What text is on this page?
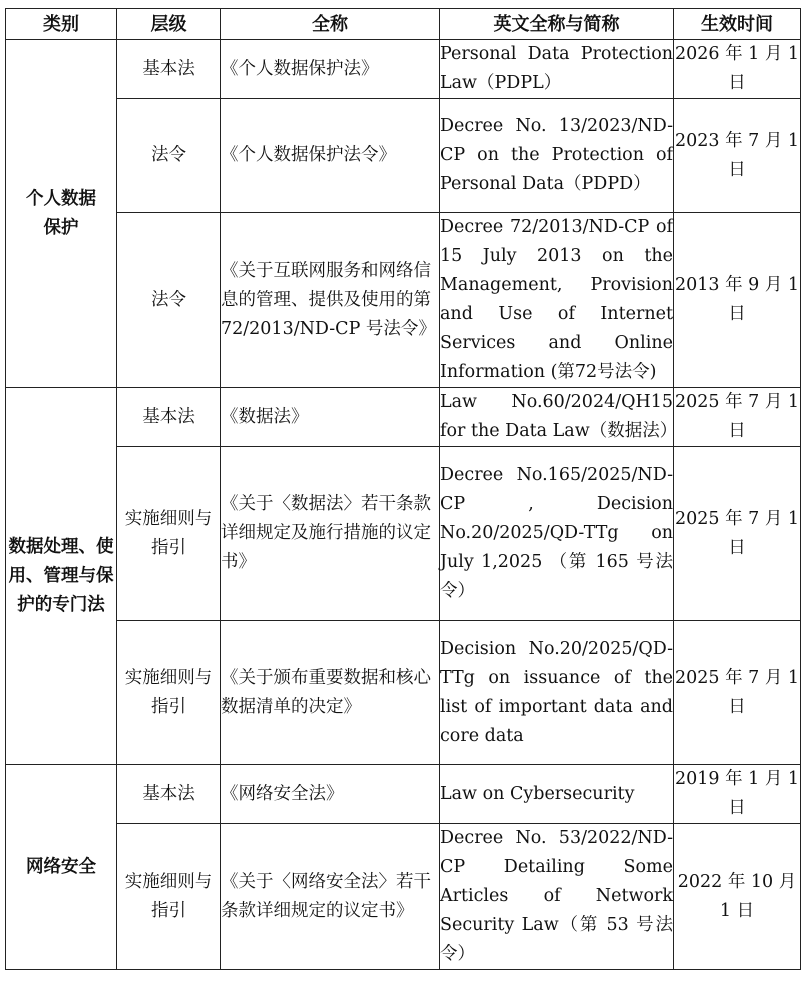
类别	层级	全称	英文全称与简称	生效时间
个人数据保护	基本法	《个人数据保护法》	Personal Data Protection Law（PDPL）	2026 年 1 月 1 日
	法令	《个人数据保护法令》	Decree No. 13/2023/ND-CP on the Protection of Personal Data（PDPD）	2023 年 7 月 1 日
	法令	《关于互联网服务和网络信息的管理、提供及使用的第 72/2013/ND-CP 号法令》	Decree 72/2013/ND-CP of 15 July 2013 on the Management, Provision and Use of Internet Services and Online Information (第72号法令)	2013 年 9 月 1 日
数据处理、使用、管理与保护的专门法	基本法	《数据法》	Law No.60/2024/QH15 for the Data Law（数据法）	2025 年 7 月 1 日
	实施细则与指引	《关于〈数据法〉若干条款详细规定及施行措施的议定书》	Decree No.165/2025/ND-CP , Decision No.20/2025/QD-TTg on July 1,2025 （第 165 号法令）	2025 年 7 月 1 日
	实施细则与指引	《关于颁布重要数据和核心数据清单的决定》	Decision No.20/2025/QD-TTg on issuance of the list of important data and core data	2025 年 7 月 1 日
网络安全	基本法	《网络安全法》	Law on Cybersecurity	2019 年 1 月 1 日
	实施细则与指引	《关于〈网络安全法〉若干条款详细规定的议定书》	Decree No. 53/2022/ND-CP Detailing Some Articles of Network Security Law（第 53 号法令）	2022 年 10 月 1 日
